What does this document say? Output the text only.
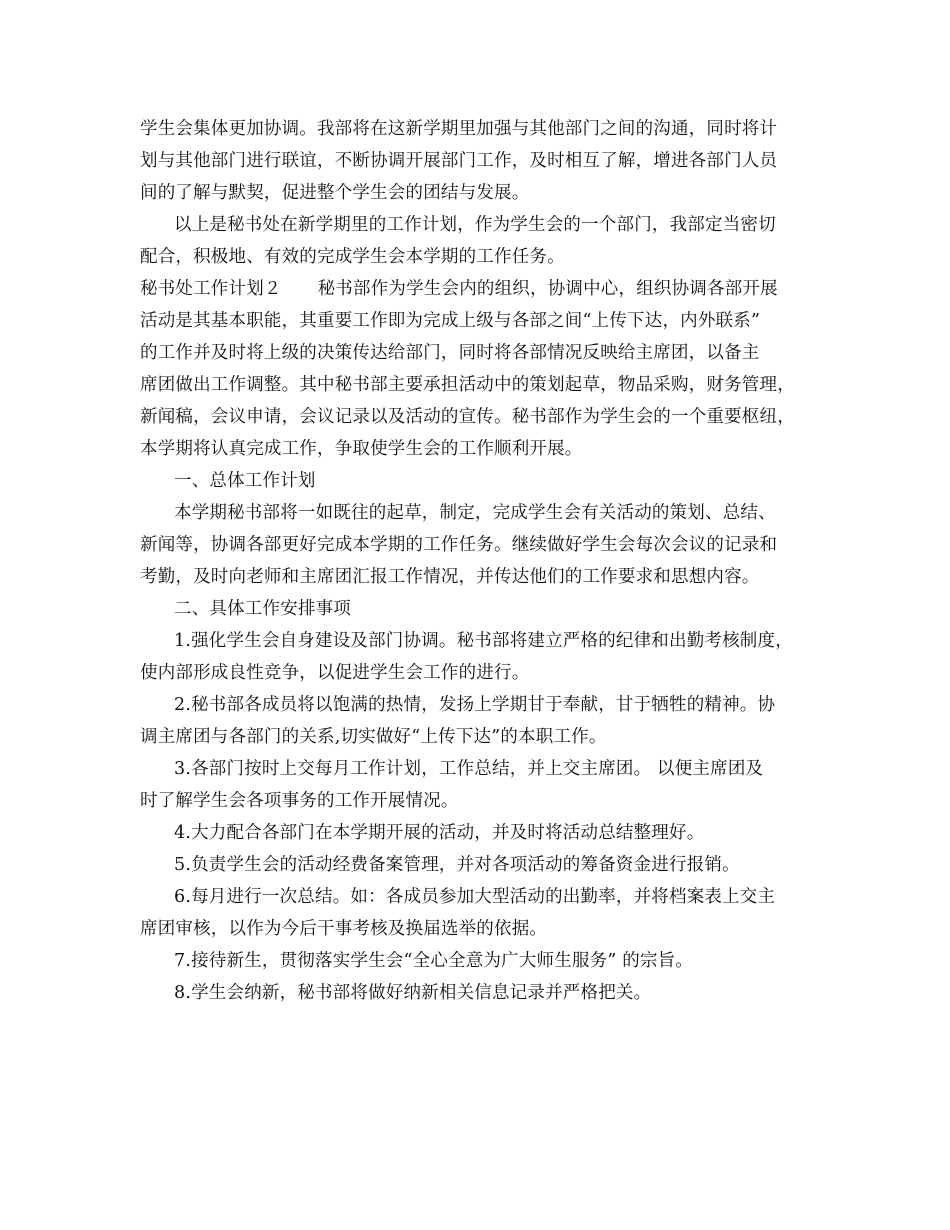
学生会集体更加协调。我部将在这新学期里加强与其他部门之间的沟通，同时将计
划与其他部门进行联谊，不断协调开展部门工作，及时相互了解，增进各部门人员
间的了解与默契，促进整个学生会的团结与发展。
以上是秘书处在新学期里的工作计划，作为学生会的一个部门，我部定当密切
配合，积极地、有效的完成学生会本学期的工作任务。
秘书处工作计划２ 秘书部作为学生会内的组织，协调中心，组织协调各部开展
活动是其基本职能，其重要工作即为完成上级与各部之间“上传下达，内外联系”
的工作并及时将上级的决策传达给部门，同时将各部情况反映给主席团，以备主
席团做出工作调整。其中秘书部主要承担活动中的策划起草，物品采购，财务管理，
新闻稿，会议申请，会议记录以及活动的宣传。秘书部作为学生会的一个重要枢纽，
本学期将认真完成工作，争取使学生会的工作顺利开展。
一、总体工作计划
本学期秘书部将一如既往的起草，制定，完成学生会有关活动的策划、总结、
新闻等，协调各部更好完成本学期的工作任务。继续做好学生会每次会议的记录和
考勤，及时向老师和主席团汇报工作情况，并传达他们的工作要求和思想内容。
二、具体工作安排事项
1.强化学生会自身建设及部门协调。秘书部将建立严格的纪律和出勤考核制度，
使内部形成良性竞争，以促进学生会工作的进行。
2.秘书部各成员将以饱满的热情，发扬上学期甘于奉献，甘于牺牲的精神。协
调主席团与各部门的关系,切实做好“上传下达”的本职工作。
3.各部门按时上交每月工作计划，工作总结，并上交主席团。 以便主席团及
时了解学生会各项事务的工作开展情况。
4.大力配合各部门在本学期开展的活动，并及时将活动总结整理好。
5.负责学生会的活动经费备案管理，并对各项活动的筹备资金进行报销。
6.每月进行一次总结。如：各成员参加大型活动的出勤率，并将档案表上交主
席团审核，以作为今后干事考核及换届选举的依据。
7.接待新生，贯彻落实学生会“全心全意为广大师生服务” 的宗旨。
8.学生会纳新，秘书部将做好纳新相关信息记录并严格把关。
